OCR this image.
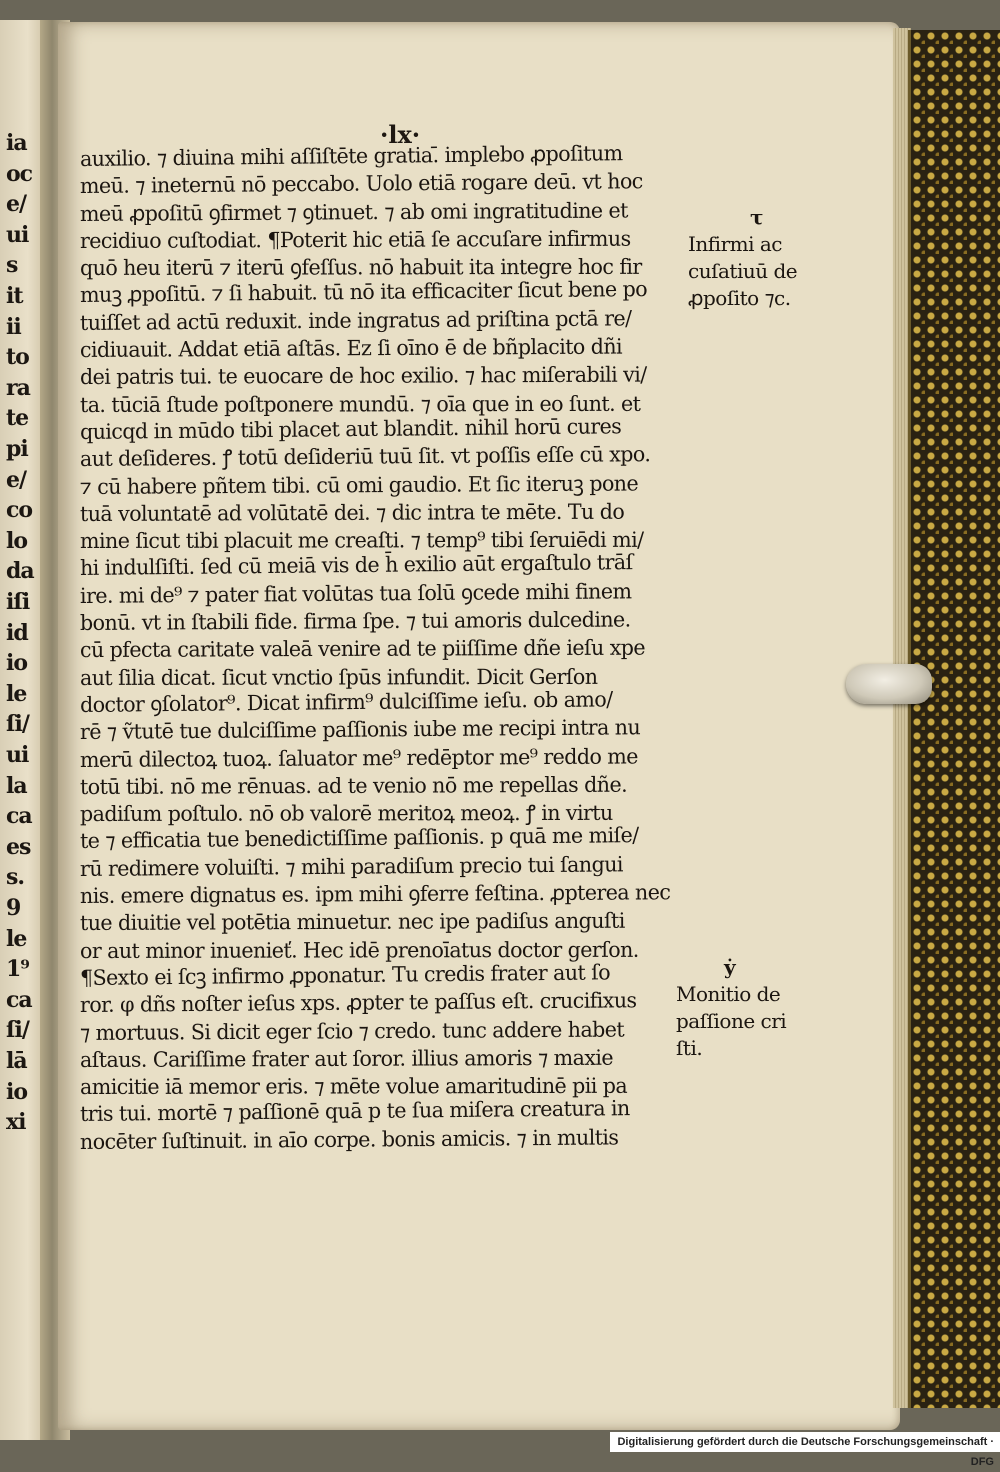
ia
oc
e/
ui
s
it
ii
to
ra
te
pi
e/
co
lo
da
iſi
id
io
le
ſi/
ui
la
ca
es
s.
9
le
1⁹
ca
ſi/
lā
io
xi
·lx·
auxilio. ⁊ diuina mihi aſſiſtēte gratia.̄ implebo ꝓpoſitum
meū. ⁊ ineternū nō peccabo. Uolo etiā rogare deū. vt hoc
meū ꝓpoſitū ꝯfirmet ⁊ ꝯtinuet. ⁊ ab omi ingratitudine et
recidiuo cuſtodiat. ¶Poterit hic etiā ſe accuſare infirmus
quō heu iterū ⁊ iterū ꝯfeſſus. nō habuit ita integre hoc fir
muꝫ ꝓpoſitū. ⁊ ſi habuit. tū nō ita efficaciter ſicut bene po
tuiſſet ad actū reduxit. inde ingratus ad priſtina pctā re/
cidiuauit. Addat etiā aſtās. Ez ſi oīno ē de bñplacito dñi
dei patris tui. te euocare de hoc exilio. ⁊ hac miſerabili vi/
ta. tūciā ſtude poſtponere mundū. ⁊ oīa que in eo ſunt. et
quicqd in mūdo tibi placet aut blandit. nihil horū cures
aut deſideres. ꝭ totū deſideriū tuū ſit. vt poſſis eſſe cū xpo.
⁊ cū habere pñtem tibi. cū omi gaudio. Et ſic iteruꝫ pone
tuā voluntatē ad volūtatē dei. ⁊ dic intra te mēte. Tu do
mine ſicut tibi placuit me creaſti. ⁊ temp⁹ tibi ſeruiēdi mi/
hi indulſiſti. ſed cū meiā vis de h̄ exilio aūt ergaſtulo trāſ
ire. mi de⁹ ⁊ pater fiat volūtas tua ſolū ꝯcede mihi finem
bonū. vt in ſtabili fide. firma ſpe. ⁊ tui amoris dulcedine.
cū pfecta caritate valeā venire ad te piiſſime dñe ieſu xpe
aut ſilia dicat. ſicut vnctio ſpūs infundit. Dicit Gerſon
doctor ꝯſolator⁹. Dicat infirm⁹ dulciſſime ieſu. ob amo/
rē ⁊ ṽtutē tue dulciſſime paſſionis iube me recipi intra nu
merū dilectoꝝ tuoꝝ. ſaluator me⁹ redēptor me⁹ reddo me
totū tibi. nō me rēnuas. ad te venio nō me repellas dñe.
padiſum poſtulo. nō ob valorē meritoꝝ meoꝝ. ꝭ in virtu
te ⁊ efficatia tue benedictiſſime paſſionis. p quā me miſe/
rū redimere voluiſti. ⁊ mihi paradiſum precio tui ſangui
nis. emere dignatus es. ipm mihi ꝯferre feſtina. ꝓpterea nec
tue diuitie vel potētia minuetur. nec ipe padiſus anguſti
or aut minor inuenieť. Hec idē prenoīatus doctor gerſon.
¶Sexto ei ſcꝫ infirmo ꝓponatur. Tu credis frater aut ſo
ror. φ dñs noſter ieſus xps. ꝓpter te paſſus eſt. crucifixus
⁊ mortuus. Si dicit eger ſcio ⁊ credo. tunc addere habet
aſtaus. Cariſſime frater aut ſoror. illius amoris ⁊ maxie
amicitie iā memor eris. ⁊ mēte volue amaritudinē pii pa
tris tui. mortē ⁊ paſſionē quā p te ſua miſera creatura in
nocēter ſuſtinuit. in aīo corpe. bonis amicis. ⁊ in multis
τ
Infirmi ac
cuſatiuū de
ꝓpoſito ⁊c.
ẏ
Monitio de
paſſione cri
ſti.
Digitalisierung gefördert durch die Deutsche Forschungsgemeinschaft · DFG
